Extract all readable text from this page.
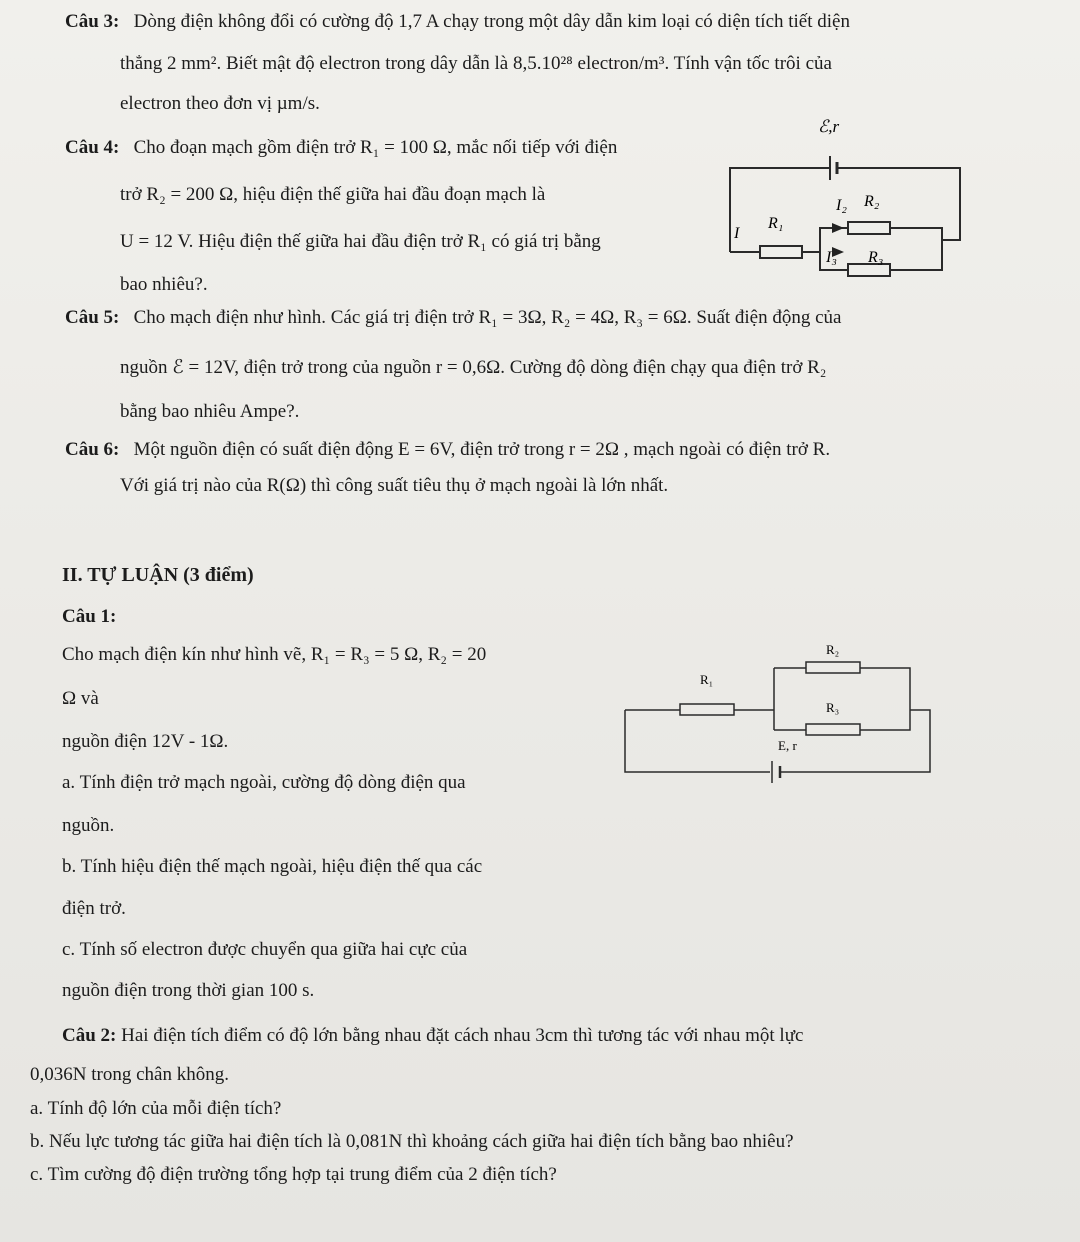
Câu 3: Dòng điện không đổi có cường độ 1,7 A chạy trong một dây dẫn kim loại có diện tích tiết diện
thẳng 2 mm². Biết mật độ electron trong dây dẫn là 8,5.10²⁸ electron/m³. Tính vận tốc trôi của
electron theo đơn vị µm/s.
Câu 4: Cho đoạn mạch gồm điện trở R₁ = 100 Ω, mắc nối tiếp với điện
trở R₂ = 200 Ω, hiệu điện thế giữa hai đầu đoạn mạch là
U = 12 V. Hiệu điện thế giữa hai đầu điện trở R₁ có giá trị bằng
bao nhiêu?.
ℰ,r
I₂ R₂
I
R₁
I₃ R₃
Câu 5: Cho mạch điện như hình. Các giá trị điện trở R₁ = 3Ω, R₂ = 4Ω, R₃ = 6Ω. Suất điện động của
nguồn ℰ = 12V, điện trở trong của nguồn r = 0,6Ω. Cường độ dòng điện chạy qua điện trở R₂
bằng bao nhiêu Ampe?.
Câu 6: Một nguồn điện có suất điện động E = 6V, điện trở trong r = 2Ω , mạch ngoài có điện trở R.
Với giá trị nào của R(Ω) thì công suất tiêu thụ ở mạch ngoài là lớn nhất.
II. TỰ LUẬN (3 điểm)
Câu 1:
Cho mạch điện kín như hình vẽ, R₁ = R₃ = 5 Ω, R₂ = 20
Ω và
nguồn điện 12V - 1Ω.
a. Tính điện trở mạch ngoài, cường độ dòng điện qua
nguồn.
b. Tính hiệu điện thế mạch ngoài, hiệu điện thế qua các
điện trở.
c. Tính số electron được chuyển qua giữa hai cực của
nguồn điện trong thời gian 100 s.
R₂
R₁
R₃
E, r
Câu 2: Hai điện tích điểm có độ lớn bằng nhau đặt cách nhau 3cm thì tương tác với nhau một lực
0,036N trong chân không.
a. Tính độ lớn của mỗi điện tích?
b. Nếu lực tương tác giữa hai điện tích là 0,081N thì khoảng cách giữa hai điện tích bằng bao nhiêu?
c. Tìm cường độ điện trường tổng hợp tại trung điểm của 2 điện tích?
